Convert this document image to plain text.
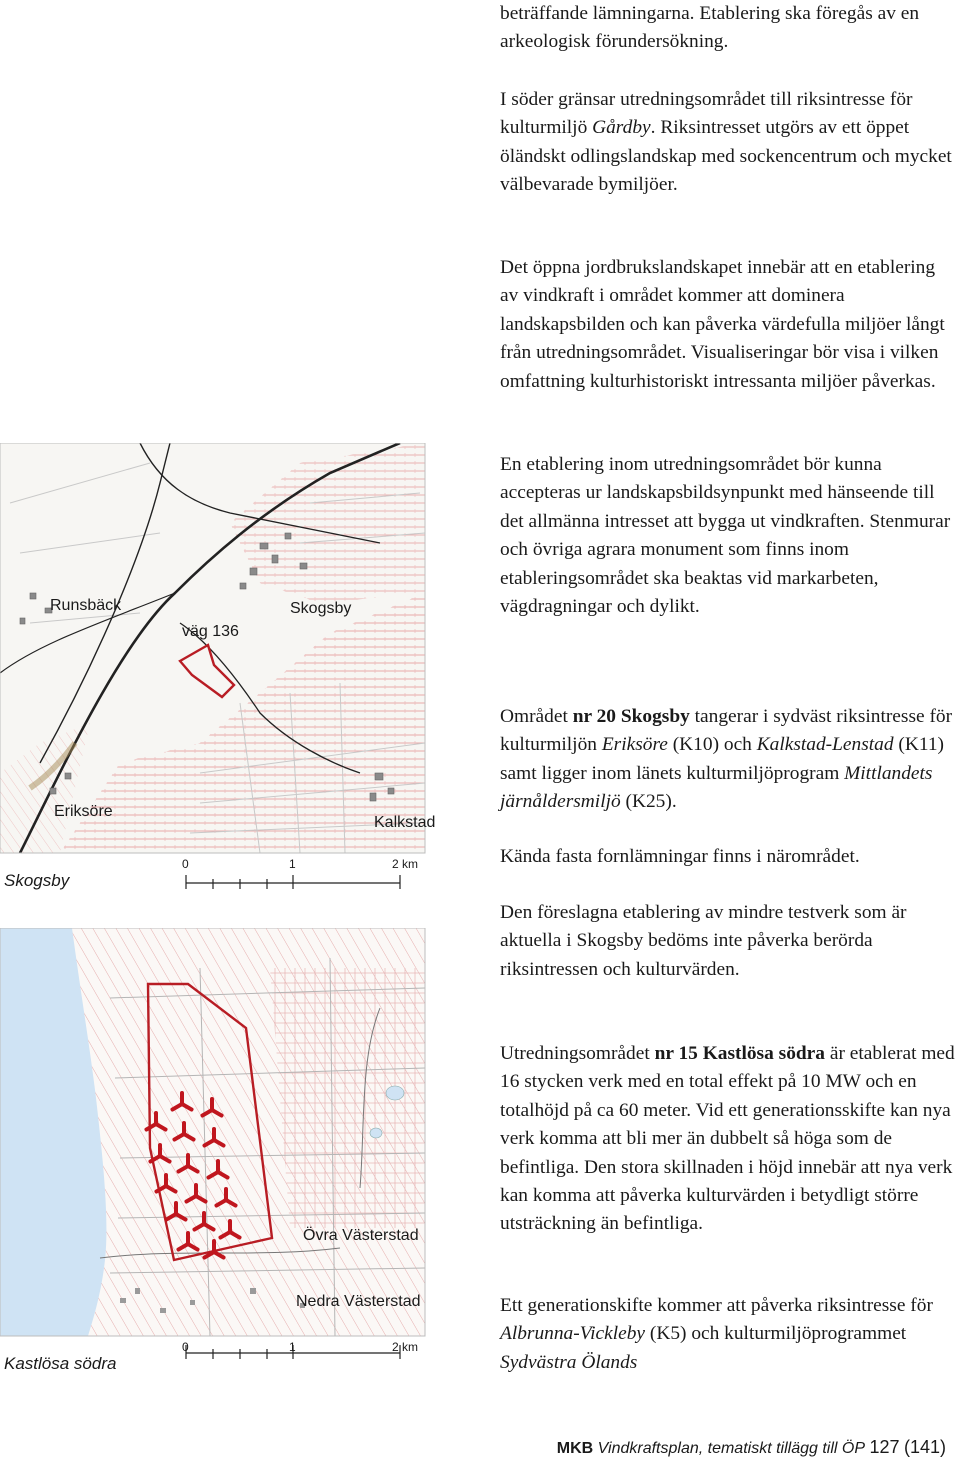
beträffande lämningarna. Etablering ska föregås av en arkeologisk förundersökning.

I söder gränsar utredningsområdet till riksintresse för kulturmiljö Gårdby. Riksintresset utgörs av ett öppet öländskt odlingslandskap med sockencentrum och mycket välbevarade bymiljöer.

Det öppna jordbrukslandskapet innebär att en etablering av vindkraft i området kommer att dominera landskapsbilden och kan påverka värdefulla miljöer långt från utredningsområdet. Visualiseringar bör visa i vilken omfattning kulturhistoriskt intressanta miljöer påverkas.

En etablering inom utredningsområdet bör kunna accepteras ur landskapsbildsynpunkt med hänseende till det allmänna intresset att bygga ut vindkraften. Stenmurar och övriga agrara monument som finns inom etableringsområdet ska beaktas vid markarbeten, vägdragningar och dylikt.

Området nr 20 Skogsby tangerar i sydväst riksintresse för kulturmiljön Eriksöre (K10) och Kalkstad-Lenstad (K11) samt ligger inom länets kulturmiljöprogram Mittlandets järnåldersmiljö (K25).

Kända fasta fornlämningar finns i närområdet.

Den föreslagna etablering av mindre testverk som är aktuella i Skogsby bedöms inte påverka berörda riksintressen och kulturvärden.

Utredningsområdet nr 15 Kastlösa södra är etablerat med 16 stycken verk med en total effekt på 10 MW och en totalhöjd på ca 60 meter. Vid ett generationsskifte kan nya verk komma att bli mer än dubbelt så höga som de befintliga. Den stora skillnaden i höjd innebär att nya verk kan komma att påverka kulturvärden i betydligt större utsträckning än befintliga.

Ett generationskifte kommer att påverka riksintresse för Albrunna-Vickleby (K5) och kulturmiljöprogrammet Sydvästra Ölands

Runsbäck
väg 136
Skogsby
Eriksöre
Kalkstad
0	1	2 km
Skogsby
Övra Västerstad
Nedra Västerstad
0	1	2 km
Kastlösa södra
MKB Vindkraftsplan, tematiskt tillägg till ÖP 127 (141)
